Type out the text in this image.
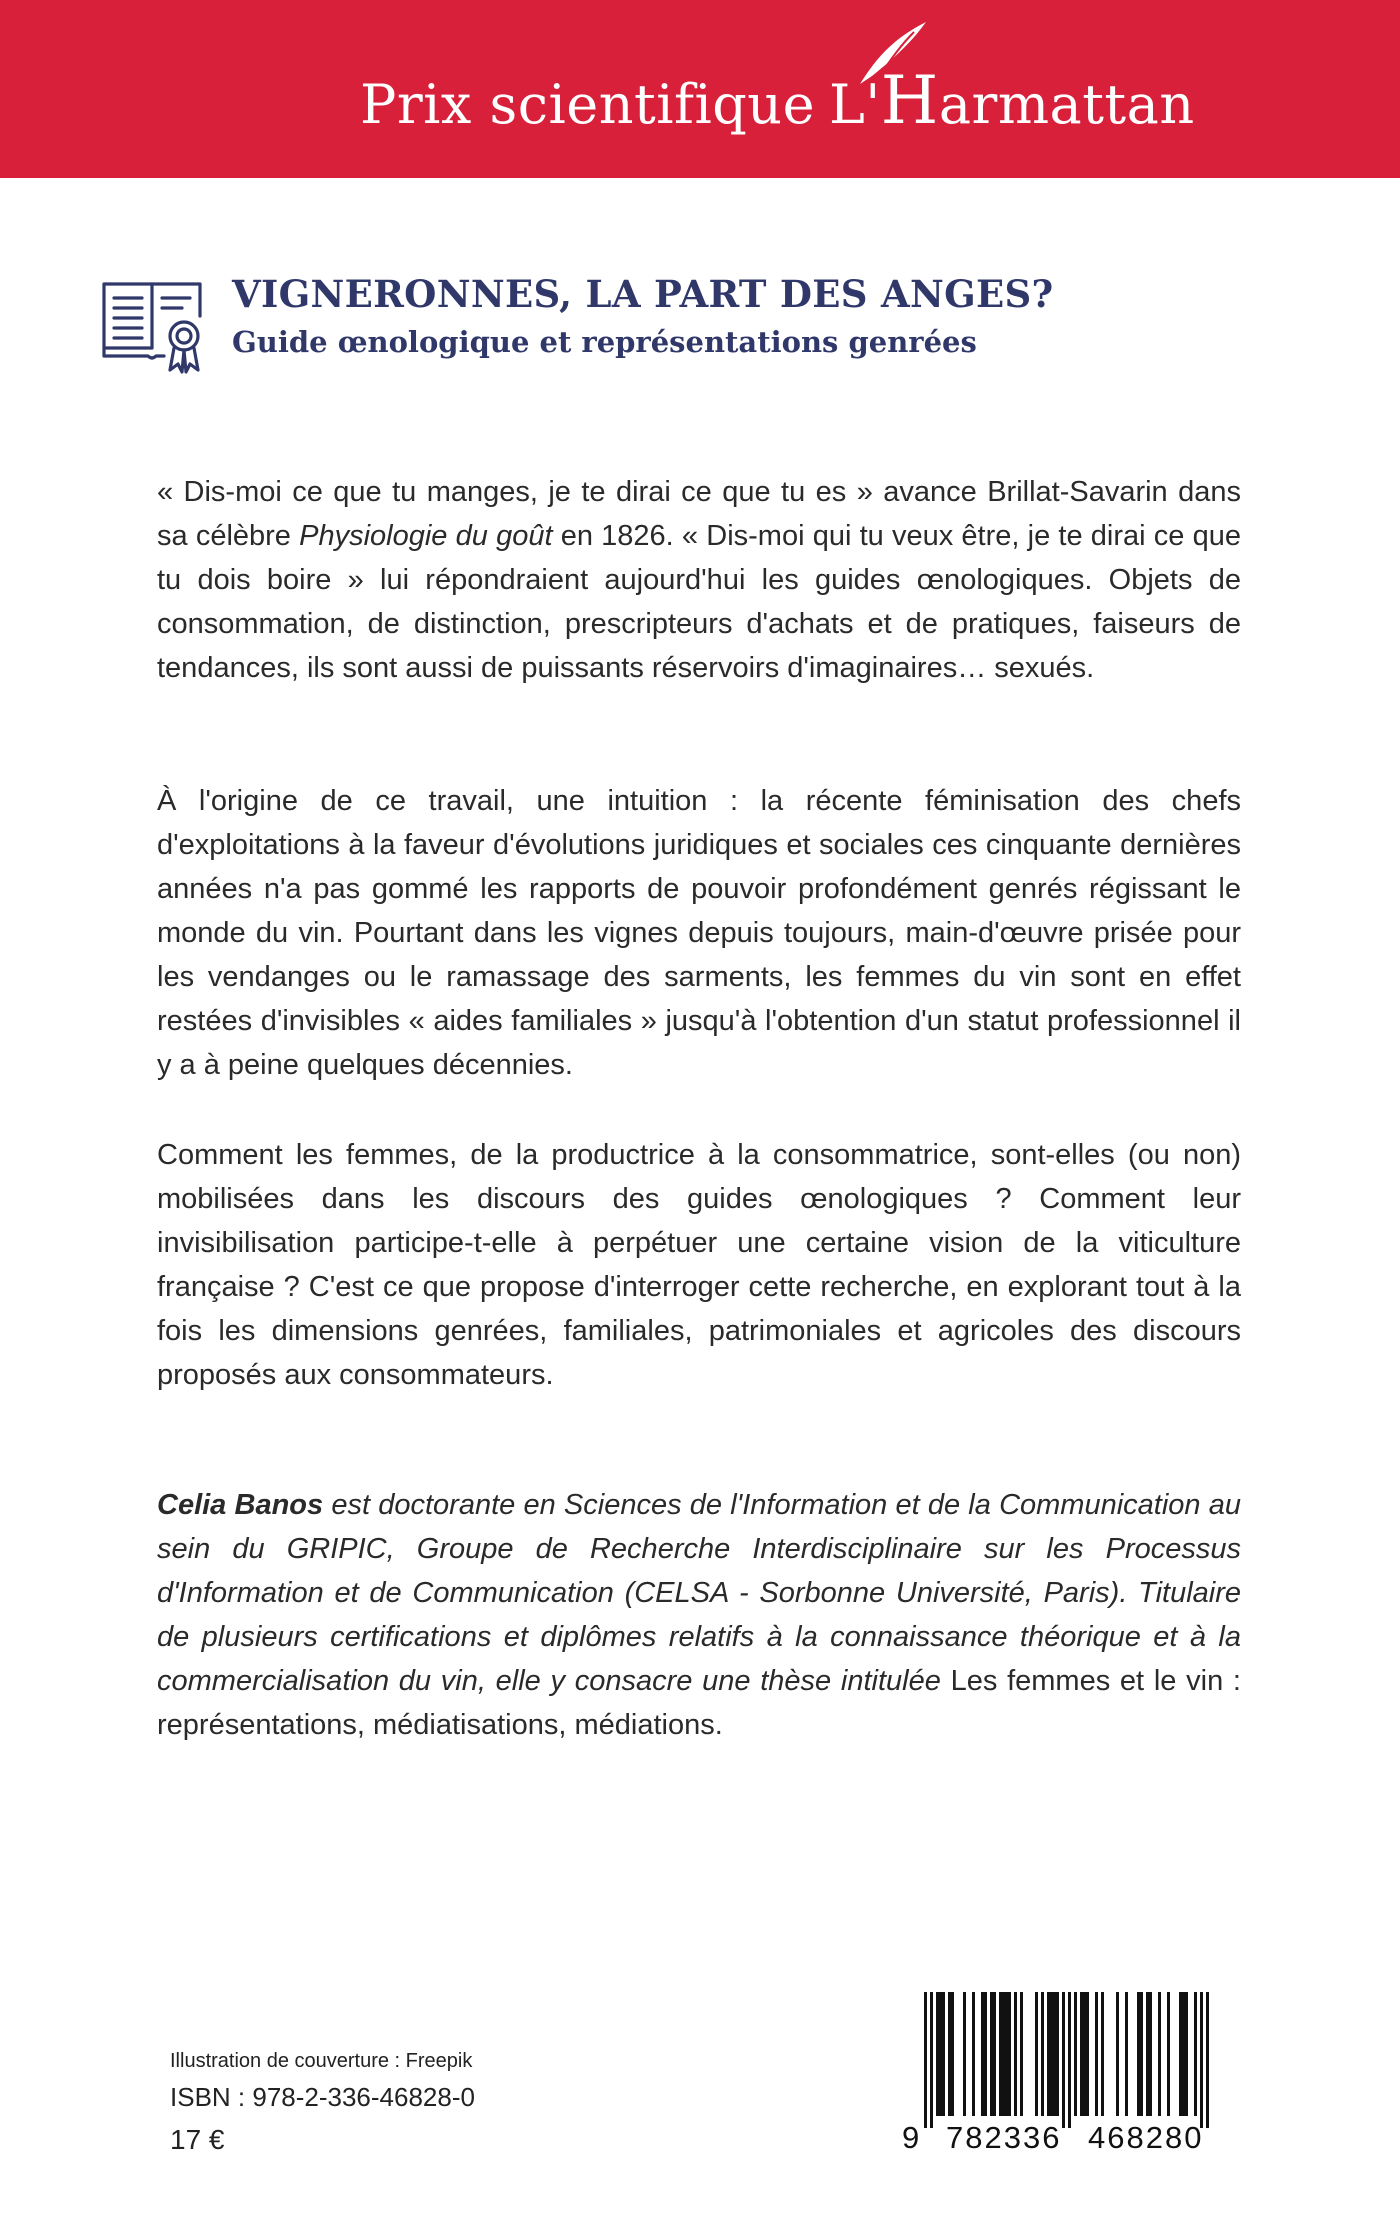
Prix scientifique L'Harmattan
VIGNERONNES, LA PART DES ANGES?
Guide œnologique et représentations genrées

« Dis-moi ce que tu manges, je te dirai ce que tu es » avance Brillat-Savarin dans sa célèbre Physiologie du goût en 1826. « Dis-moi qui tu veux être, je te dirai ce que tu dois boire » lui répondraient aujourd'hui les guides œnologiques. Objets de consommation, de distinction, prescripteurs d'achats et de pratiques, faiseurs de tendances, ils sont aussi de puissants réservoirs d'imaginaires… sexués.

À l'origine de ce travail, une intuition : la récente féminisation des chefs d'exploitations à la faveur d'évolutions juridiques et sociales ces cinquante dernières années n'a pas gommé les rapports de pouvoir profondément genrés régissant le monde du vin. Pourtant dans les vignes depuis toujours, main-d'œuvre prisée pour les vendanges ou le ramassage des sarments, les femmes du vin sont en effet restées d'invisibles « aides familiales » jusqu'à l'obtention d'un statut professionnel il y a à peine quelques décennies.

Comment les femmes, de la productrice à la consommatrice, sont-elles (ou non) mobilisées dans les discours des guides œnologiques ? Comment leur invisibilisation participe-t-elle à perpétuer une certaine vision de la viticulture française ? C'est ce que propose d'interroger cette recherche, en explorant tout à la fois les dimensions genrées, familiales, patrimoniales et agricoles des discours proposés aux consommateurs.

Celia Banos est doctorante en Sciences de l'Information et de la Communication au sein du GRIPIC, Groupe de Recherche Interdisciplinaire sur les Processus d'Information et de Communication (CELSA - Sorbonne Université, Paris). Titulaire de plusieurs certifications et diplômes relatifs à la connaissance théorique et à la commercialisation du vin, elle y consacre une thèse intitulée Les femmes et le vin : représentations, médiatisations, médiations.

Illustration de couverture : Freepik
ISBN : 978-2-336-46828-0
17 €	9 782336 468280
